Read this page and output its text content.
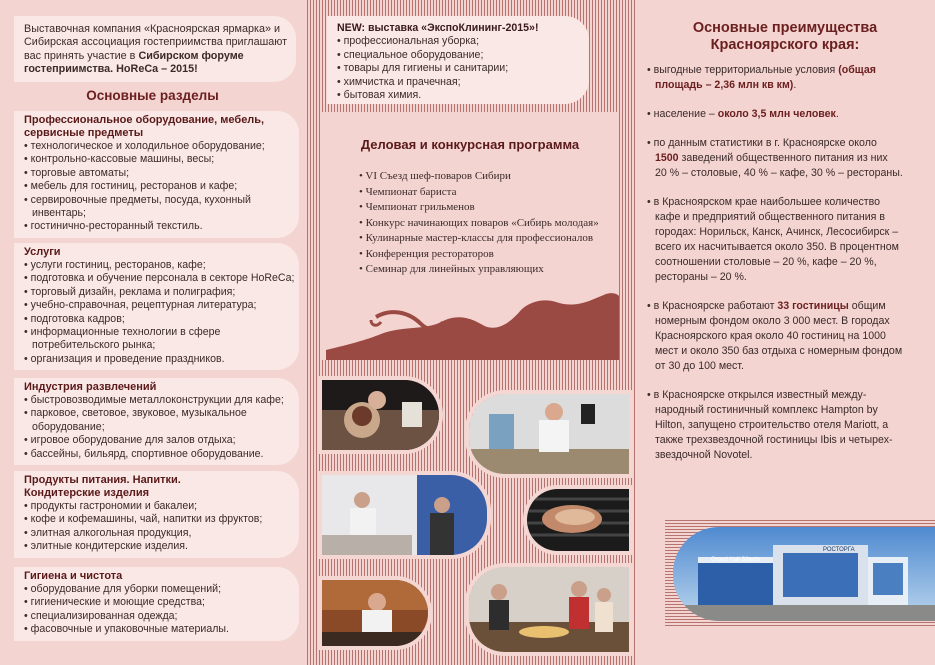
Выставочная компания «Красноярская ярмарка» и
Сибирская ассоциация гостеприимства приглашают
вас принять участие в Сибирском форуме
гостеприимства. HoReCa – 2015!
Основные разделы
Профессиональное оборудование, мебель,
сервисные предметы
• технологическое и холодильное оборудование;
• контрольно-кассовые машины, весы;
• торговые автоматы;
• мебель для гостиниц, ресторанов и кафе;
• сервировочные предметы, посуда, кухонный
инвентарь;
• гостинично-ресторанный текстиль.
Услуги
• услуги гостиниц, ресторанов, кафе;
• подготовка и обучение персонала в секторе HoReCa;
• торговый дизайн, реклама и полиграфия;
• учебно-справочная, рецептурная литература;
• подготовка кадров;
• информационные технологии в сфере
потребительского рынка;
• организация и проведение праздников.
Индустрия развлечений
• быстровозводимые металлоконструкции для кафе;
• парковое, световое, звуковое, музыкальное
оборудование;
• игровое оборудование для залов отдыха;
• бассейны, бильярд, спортивное оборудование.
Продукты питания. Напитки.
Кондитерские изделия
• продукты гастрономии и бакалеи;
• кофе и кофемашины, чай, напитки из фруктов;
• элитная алкогольная продукция,
• элитные кондитерские изделия.
Гигиена и чистота
• оборудование для уборки помещений;
• гигиенические и моющие средства;
• специализированная одежда;
• фасовочные и упаковочные материалы.
NEW: выставка «ЭкспоКлининг-2015»!
• профессиональная уборка;
• специальное оборудование;
• товары для гигиены и санитарии;
• химчистка и прачечная;
• бытовая химия.
Деловая и конкурсная программа
• VI Съезд шеф-поваров Сибири
• Чемпионат бариста
• Чемпионат грильменов
• Конкурс начинающих поваров «Сибирь молодая»
• Кулинарные мастер-классы для профессионалов
• Конференция рестораторов
• Семинар для линейных управляющих
Основные преимущества
Красноярского края:
• выгодные территориальные условия (общая
площадь – 2,36 млн кв км).
• население – около 3,5 млн человек.
• по данным статистики в г. Красноярске около
1500 заведений общественного питания из них
20 % – столовые, 40 % – кафе, 30 % – рестораны.
• в Красноярском крае наибольшее количество
кафе и предприятий общественного питания в
городах: Норильск, Канск, Ачинск, Лесосибирск –
всего их насчитывается около 350. В процентном
соотношении столовые – 20 %, кафе – 20 %,
рестораны – 20 %.
• в Красноярске работают 33 гостиницы общим
номерным фондом около 3 000 мест. В городах
Красноярского края около 40 гостиниц на 1000
мест и около 350 баз отдыха с номерным фондом
от 30 до 100 мест.
• в Красноярске открылся известный между-
народный гостиничный комплекс Hampton by
Hilton, запущено строительство отеля Mariott, а
также трехзвездочной гостиницы Ibis и четырех-
звездочной Novotel.
Grand Hall Siberia
РОСТОРГА
